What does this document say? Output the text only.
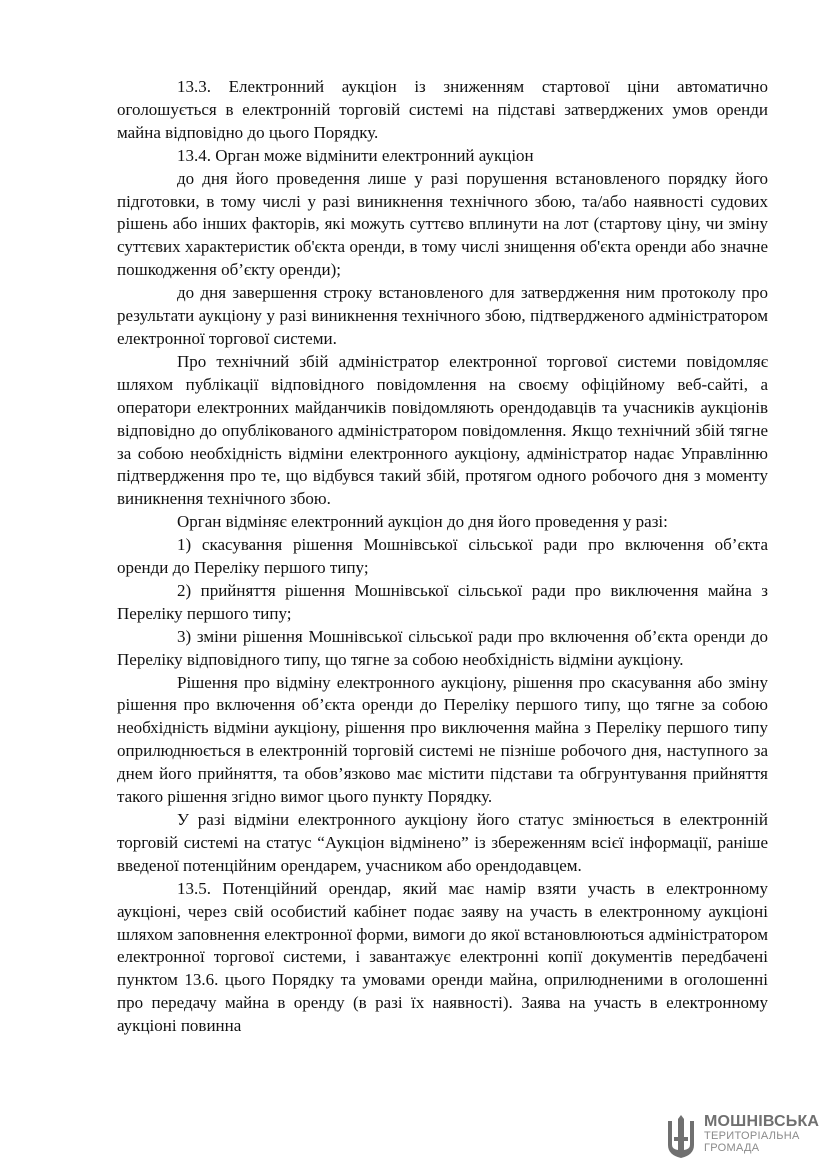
13.3. Електронний аукціон із зниженням стартової ціни автоматично оголошується в електронній торговій системі на підставі затверджених умов оренди майна відповідно до цього Порядку.

13.4. Орган може відмінити електронний аукціон

до дня його проведення лише у разі порушення встановленого порядку його підготовки, в тому числі у разі виникнення технічного збою, та/або наявності судових рішень або інших факторів, які можуть суттєво вплинути на лот (стартову ціну, чи зміну суттєвих характеристик об'єкта оренди, в тому числі знищення об'єкта оренди або значне пошкодження об’єкту оренди);

до дня завершення строку встановленого для затвердження ним протоколу про результати аукціону у разі виникнення технічного збою, підтвердженого адміністратором електронної торгової системи.

Про технічний збій адміністратор електронної торгової системи повідомляє шляхом публікації відповідного повідомлення на своєму офіційному веб-сайті, а оператори електронних майданчиків повідомляють орендодавців та учасників аукціонів відповідно до опублікованого адміністратором повідомлення. Якщо технічний збій тягне за собою необхідність відміни електронного аукціону, адміністратор надає Управлінню підтвердження про те, що відбувся такий збій, протягом одного робочого дня з моменту виникнення технічного збою.

Орган відміняє електронний аукціон до дня його проведення у разі:

1) скасування рішення Мошнівської сільської ради про включення об’єкта оренди до Переліку першого типу;

2) прийняття рішення Мошнівської сільської ради про виключення майна з Переліку першого типу;

3) зміни рішення Мошнівської сільської ради про включення об’єкта оренди до Переліку відповідного типу, що тягне за собою необхідність відміни аукціону.

Рішення про відміну електронного аукціону, рішення про скасування або зміну рішення про включення об’єкта оренди до Переліку першого типу, що тягне за собою необхідність відміни аукціону, рішення про виключення майна з Переліку першого типу оприлюднюється в електронній торговій системі не пізніше робочого дня, наступного за днем його прийняття, та обов’язково має містити підстави та обгрунтування прийняття такого рішення згідно вимог цього пункту Порядку.

У разі відміни електронного аукціону його статус змінюється в електронній торговій системі на статус “Аукціон відмінено” із збереженням всієї інформації, раніше введеної потенційним орендарем, учасником або орендодавцем.

13.5. Потенційний орендар, який має намір взяти участь в електронному аукціоні, через свій особистий кабінет подає заяву на участь в електронному аукціоні шляхом заповнення електронної форми, вимоги до якої встановлюються адміністратором електронної торгової системи, і завантажує електронні копії документів передбачені пунктом 13.6. цього Порядку та умовами оренди майна, оприлюдненими в оголошенні про передачу майна в оренду (в разі їх наявності). Заява на участь в електронному аукціоні повинна

МОШНІВСЬКА
ТЕРИТОРІАЛЬНА
ГРОМАДА
